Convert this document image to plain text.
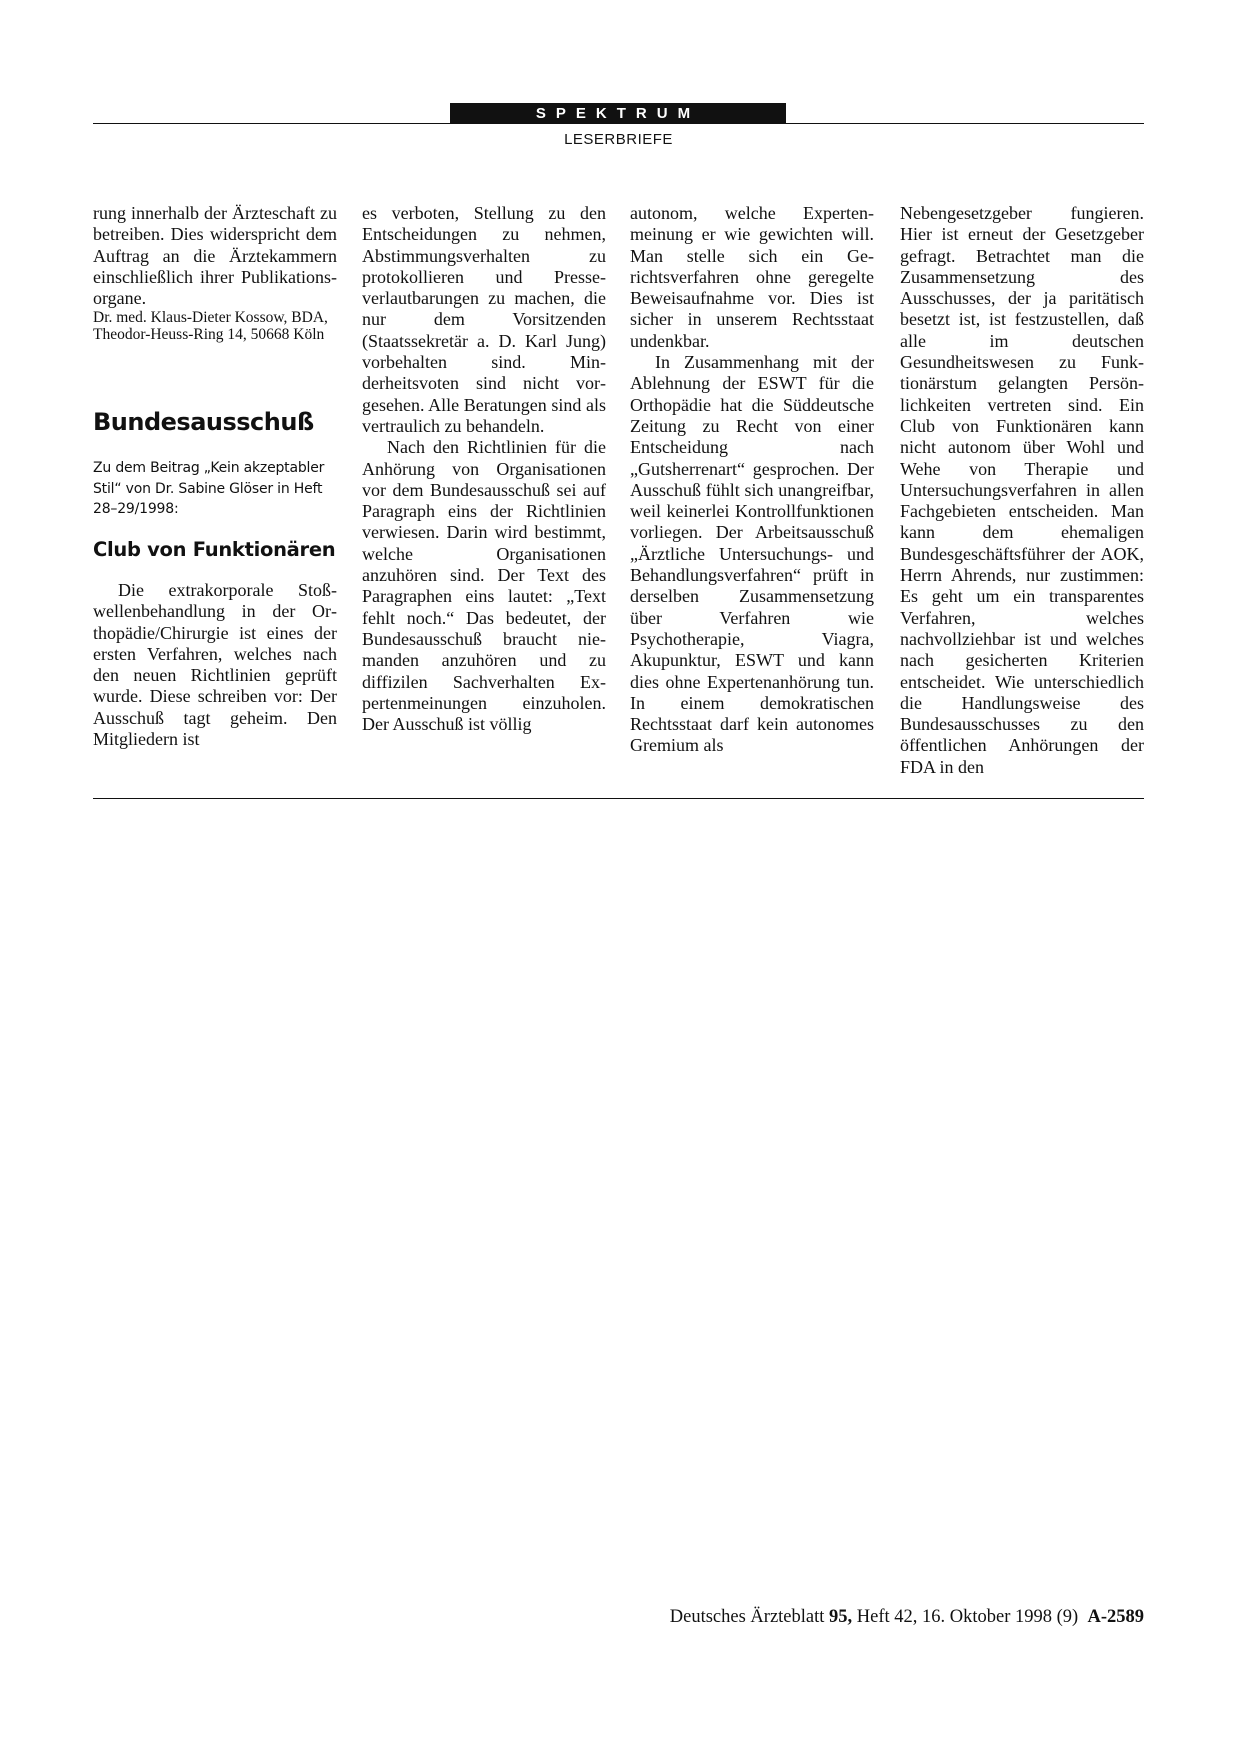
SPEKTRUM
LESERBRIEFE

rung innerhalb der Ärzteschaft zu betreiben. Dies widerspricht dem Auftrag an die Ärztekammern einschließlich ihrer Publikationsorgane.

Dr. med. Klaus-Dieter Kossow, BDA, Theodor-Heuss-Ring 14, 50668 Köln

Bundesausschuß

Zu dem Beitrag „Kein akzeptabler Stil“ von Dr. Sabine Glöser in Heft 28–29/1998:

Club von Funktionären

Die extrakorporale Stoßwellenbehandlung in der Orthopädie/Chirurgie ist eines der ersten Verfahren, welches nach den neuen Richtlinien geprüft wurde. Diese schreiben vor: Der Ausschuß tagt geheim. Den Mitgliedern ist

es verboten, Stellung zu den Entscheidungen zu nehmen, Abstimmungsverhalten zu protokollieren und Presseverlautbarungen zu machen, die nur dem Vorsitzenden (Staatssekretär a. D. Karl Jung) vorbehalten sind. Minderheitsvoten sind nicht vorgesehen. Alle Beratungen sind als vertraulich zu behandeln.

Nach den Richtlinien für die Anhörung von Organisationen vor dem Bundesausschuß sei auf Paragraph eins der Richtlinien verwiesen. Darin wird bestimmt, welche Organisationen anzuhören sind. Der Text des Paragraphen eins lautet: „Text fehlt noch.“ Das bedeutet, der Bundesausschuß braucht niemanden anzuhören und zu diffizilen Sachverhalten Expertenmeinungen einzuholen. Der Ausschuß ist völlig

autonom, welche Expertenmeinung er wie gewichten will. Man stelle sich ein Gerichtsverfahren ohne geregelte Beweisaufnahme vor. Dies ist sicher in unserem Rechtsstaat undenkbar.

In Zusammenhang mit der Ablehnung der ESWT für die Orthopädie hat die Süddeutsche Zeitung zu Recht von einer Entscheidung nach „Gutsherrenart“ gesprochen. Der Ausschuß fühlt sich unangreifbar, weil keinerlei Kontrollfunktionen vorliegen. Der Arbeitsausschuß „Ärztliche Untersuchungs- und Behandlungsverfahren“ prüft in derselben Zusammensetzung über Verfahren wie Psychotherapie, Viagra, Akupunktur, ESWT und kann dies ohne Expertenanhörung tun. In einem demokratischen Rechtsstaat darf kein autonomes Gremium als

Nebengesetzgeber fungieren. Hier ist erneut der Gesetzgeber gefragt. Betrachtet man die Zusammensetzung des Ausschusses, der ja paritätisch besetzt ist, ist festzustellen, daß alle im deutschen Gesundheitswesen zu Funktionärstum gelangten Persönlichkeiten vertreten sind. Ein Club von Funktionären kann nicht autonom über Wohl und Wehe von Therapie und Untersuchungsverfahren in allen Fachgebieten entscheiden. Man kann dem ehemaligen Bundesgeschäftsführer der AOK, Herrn Ahrends, nur zustimmen: Es geht um ein transparentes Verfahren, welches nachvollziehbar ist und welches nach gesicherten Kriterien entscheidet. Wie unterschiedlich die Handlungsweise des Bundesausschusses zu den öffentlichen Anhörungen der FDA in den

Deutsches Ärzteblatt 95, Heft 42, 16. Oktober 1998 (9) A-2589
